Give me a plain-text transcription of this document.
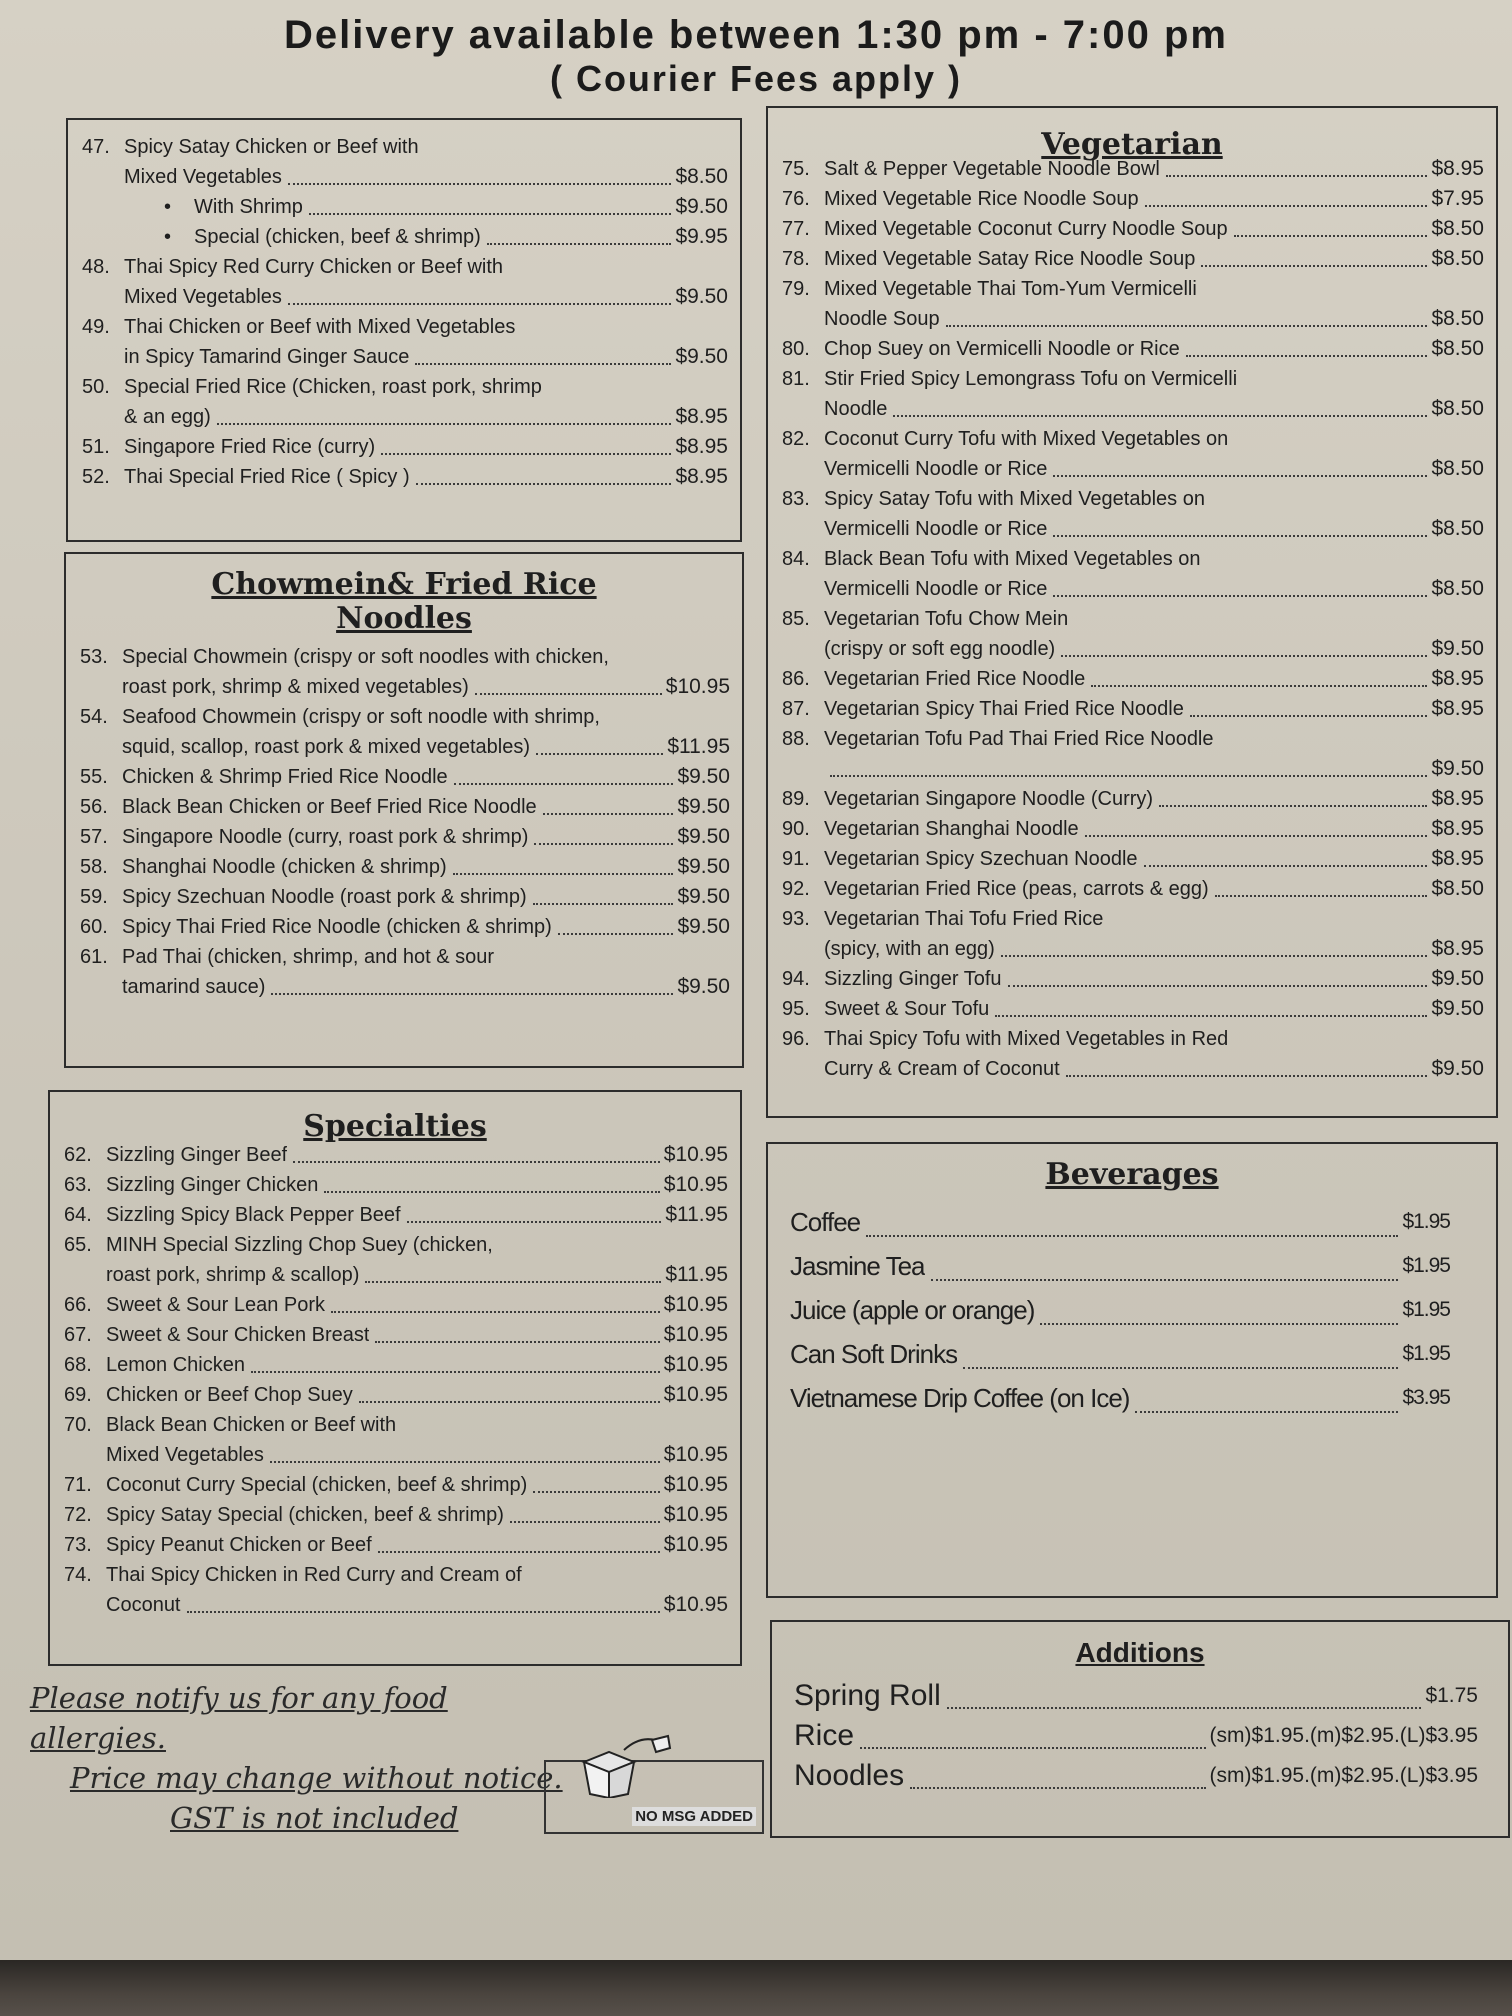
Delivery available between 1:30 pm - 7:00 pm
( Courier Fees apply )
47. Spicy Satay Chicken or Beef with
Mixed Vegetables	$8.50
•	With Shrimp	$9.50
•	Special (chicken, beef & shrimp)	$9.95
48. Thai Spicy Red Curry Chicken or Beef with
Mixed Vegetables	$9.50
49. Thai Chicken or Beef with Mixed Vegetables
in Spicy Tamarind Ginger Sauce	$9.50
50. Special Fried Rice (Chicken, roast pork, shrimp
& an egg)	$8.95
51. Singapore Fried Rice (curry)	$8.95
52. Thai Special Fried Rice ( Spicy )	$8.95
Chowmein& Fried Rice
Noodles
53. Special Chowmein (crispy or soft noodles with chicken,
roast pork, shrimp & mixed vegetables)	$10.95
54. Seafood Chowmein (crispy or soft noodle with shrimp,
squid, scallop, roast pork & mixed vegetables)	$11.95
55. Chicken & Shrimp Fried Rice Noodle	$9.50
56. Black Bean Chicken or Beef Fried Rice Noodle	$9.50
57. Singapore Noodle (curry, roast pork & shrimp)	$9.50
58. Shanghai Noodle (chicken & shrimp)	$9.50
59. Spicy Szechuan Noodle (roast pork & shrimp)	$9.50
60. Spicy Thai Fried Rice Noodle (chicken & shrimp)	$9.50
61. Pad Thai (chicken, shrimp, and hot & sour
tamarind sauce)	$9.50
Specialties
62. Sizzling Ginger Beef	$10.95
63. Sizzling Ginger Chicken	$10.95
64. Sizzling Spicy Black Pepper Beef	$11.95
65. MINH Special Sizzling Chop Suey (chicken,
roast pork, shrimp & scallop)	$11.95
66. Sweet & Sour Lean Pork	$10.95
67. Sweet & Sour Chicken Breast	$10.95
68. Lemon Chicken	$10.95
69. Chicken or Beef Chop Suey	$10.95
70. Black Bean Chicken or Beef with
Mixed Vegetables	$10.95
71. Coconut Curry Special (chicken, beef & shrimp)	$10.95
72. Spicy Satay Special (chicken, beef & shrimp)	$10.95
73. Spicy Peanut Chicken or Beef	$10.95
74. Thai Spicy Chicken in Red Curry and Cream of
Coconut	$10.95
Vegetarian
75. Salt & Pepper Vegetable Noodle Bowl	$8.95
76. Mixed Vegetable Rice Noodle Soup	$7.95
77. Mixed Vegetable Coconut Curry Noodle Soup	$8.50
78. Mixed Vegetable Satay Rice Noodle Soup	$8.50
79. Mixed Vegetable Thai Tom-Yum Vermicelli
Noodle Soup	$8.50
80. Chop Suey on Vermicelli Noodle or Rice	$8.50
81. Stir Fried Spicy Lemongrass Tofu on Vermicelli
Noodle	$8.50
82. Coconut Curry Tofu with Mixed Vegetables on
Vermicelli Noodle or Rice	$8.50
83. Spicy Satay Tofu with Mixed Vegetables on
Vermicelli Noodle or Rice	$8.50
84. Black Bean Tofu with Mixed Vegetables on
Vermicelli Noodle or Rice	$8.50
85. Vegetarian Tofu Chow Mein
(crispy or soft egg noodle)	$9.50
86. Vegetarian Fried Rice Noodle	$8.95
87. Vegetarian Spicy Thai Fried Rice Noodle	$8.95
88. Vegetarian Tofu Pad Thai Fried Rice Noodle
$9.50
89. Vegetarian Singapore Noodle (Curry)	$8.95
90. Vegetarian Shanghai Noodle	$8.95
91. Vegetarian Spicy Szechuan Noodle	$8.95
92. Vegetarian Fried Rice (peas, carrots & egg)	$8.50
93. Vegetarian Thai Tofu Fried Rice
(spicy, with an egg)	$8.95
94. Sizzling Ginger Tofu	$9.50
95. Sweet & Sour Tofu	$9.50
96. Thai Spicy Tofu with Mixed Vegetables in Red
Curry & Cream of Coconut	$9.50
Beverages
Coffee	$1.95
Jasmine Tea	$1.95
Juice (apple or orange)	$1.95
Can Soft Drinks	$1.95
Vietnamese Drip Coffee (on Ice)	$3.95
Additions
Spring Roll	$1.75
Rice	(sm)$1.95.(m)$2.95.(L)$3.95
Noodles	(sm)$1.95.(m)$2.95.(L)$3.95
Please notify us for any food allergies.
Price may change without notice.
GST is not included	NO MSG ADDED
